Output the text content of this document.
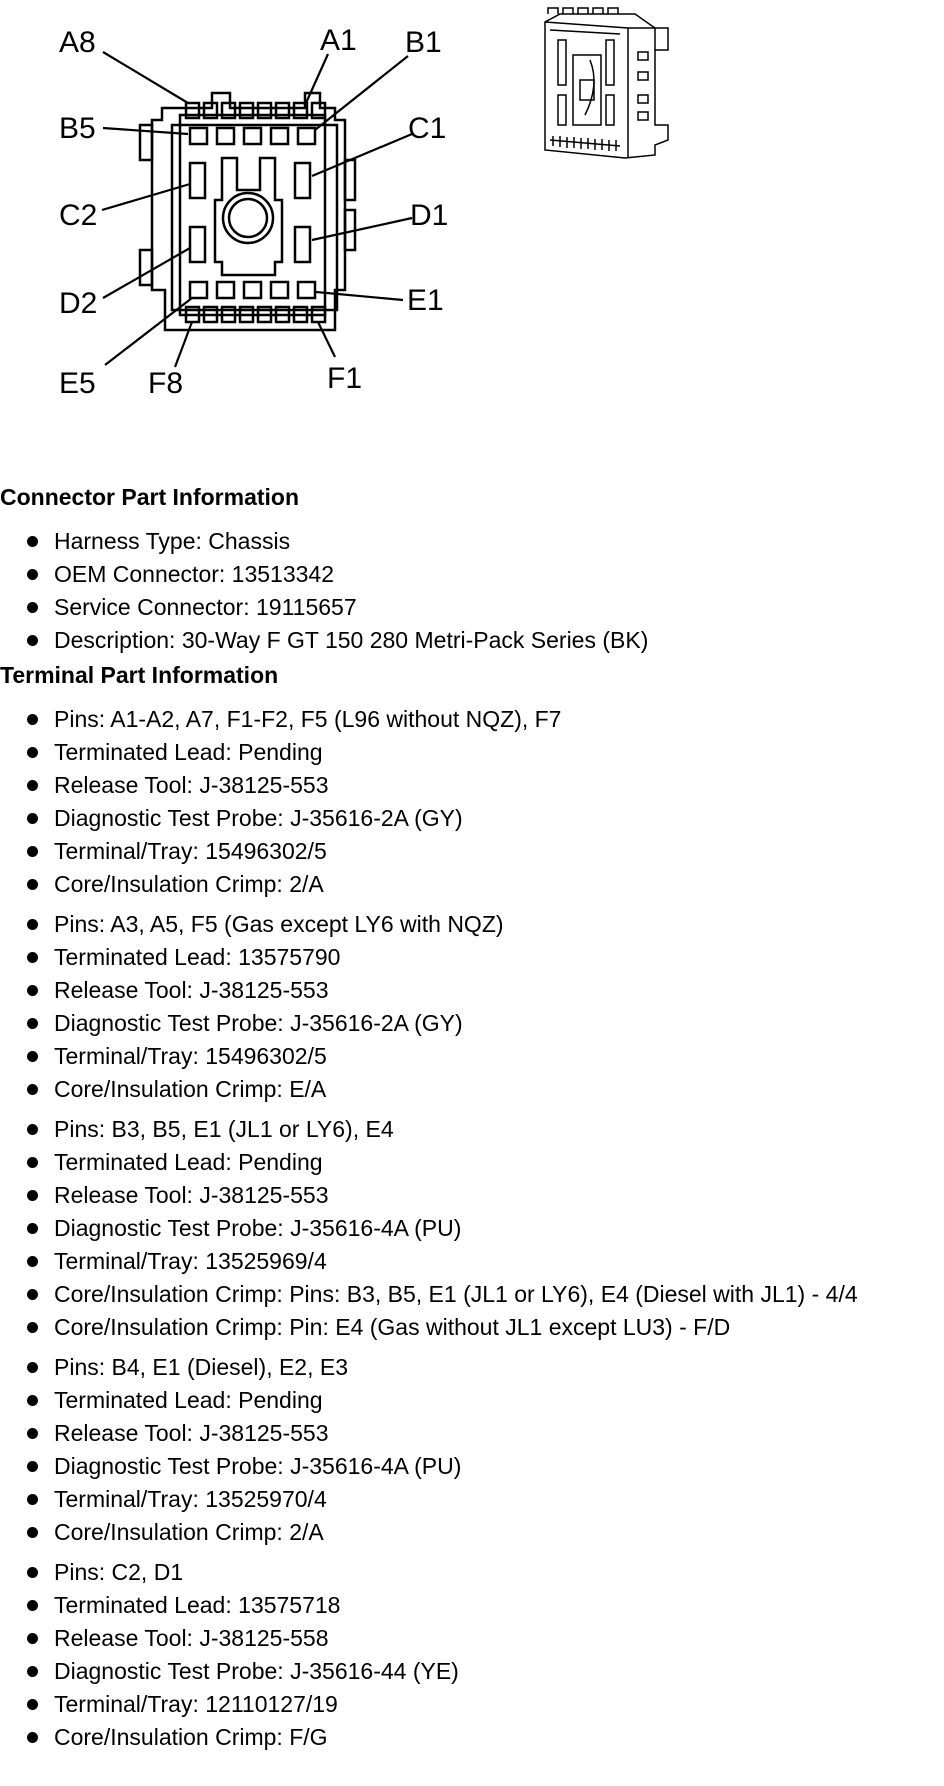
A8	A1 B1
B5	C1
C2	D1
D2	E1
E5 F8	F1
Connector Part Information
Harness Type: Chassis
OEM Connector: 13513342
Service Connector: 19115657
Description: 30-Way F GT 150 280 Metri-Pack Series (BK)
Terminal Part Information
Pins: A1-A2, A7, F1-F2, F5 (L96 without NQZ), F7
Terminated Lead: Pending
Release Tool: J-38125-553
Diagnostic Test Probe: J-35616-2A (GY)
Terminal/Tray: 15496302/5
Core/Insulation Crimp: 2/A
Pins: A3, A5, F5 (Gas except LY6 with NQZ)
Terminated Lead: 13575790
Release Tool: J-38125-553
Diagnostic Test Probe: J-35616-2A (GY)
Terminal/Tray: 15496302/5
Core/Insulation Crimp: E/A
Pins: B3, B5, E1 (JL1 or LY6), E4
Terminated Lead: Pending
Release Tool: J-38125-553
Diagnostic Test Probe: J-35616-4A (PU)
Terminal/Tray: 13525969/4
Core/Insulation Crimp: Pins: B3, B5, E1 (JL1 or LY6), E4 (Diesel with JL1) - 4/4
Core/Insulation Crimp: Pin: E4 (Gas without JL1 except LU3) - F/D
Pins: B4, E1 (Diesel), E2, E3
Terminated Lead: Pending
Release Tool: J-38125-553
Diagnostic Test Probe: J-35616-4A (PU)
Terminal/Tray: 13525970/4
Core/Insulation Crimp: 2/A
Pins: C2, D1
Terminated Lead: 13575718
Release Tool: J-38125-558
Diagnostic Test Probe: J-35616-44 (YE)
Terminal/Tray: 12110127/19
Core/Insulation Crimp: F/G
